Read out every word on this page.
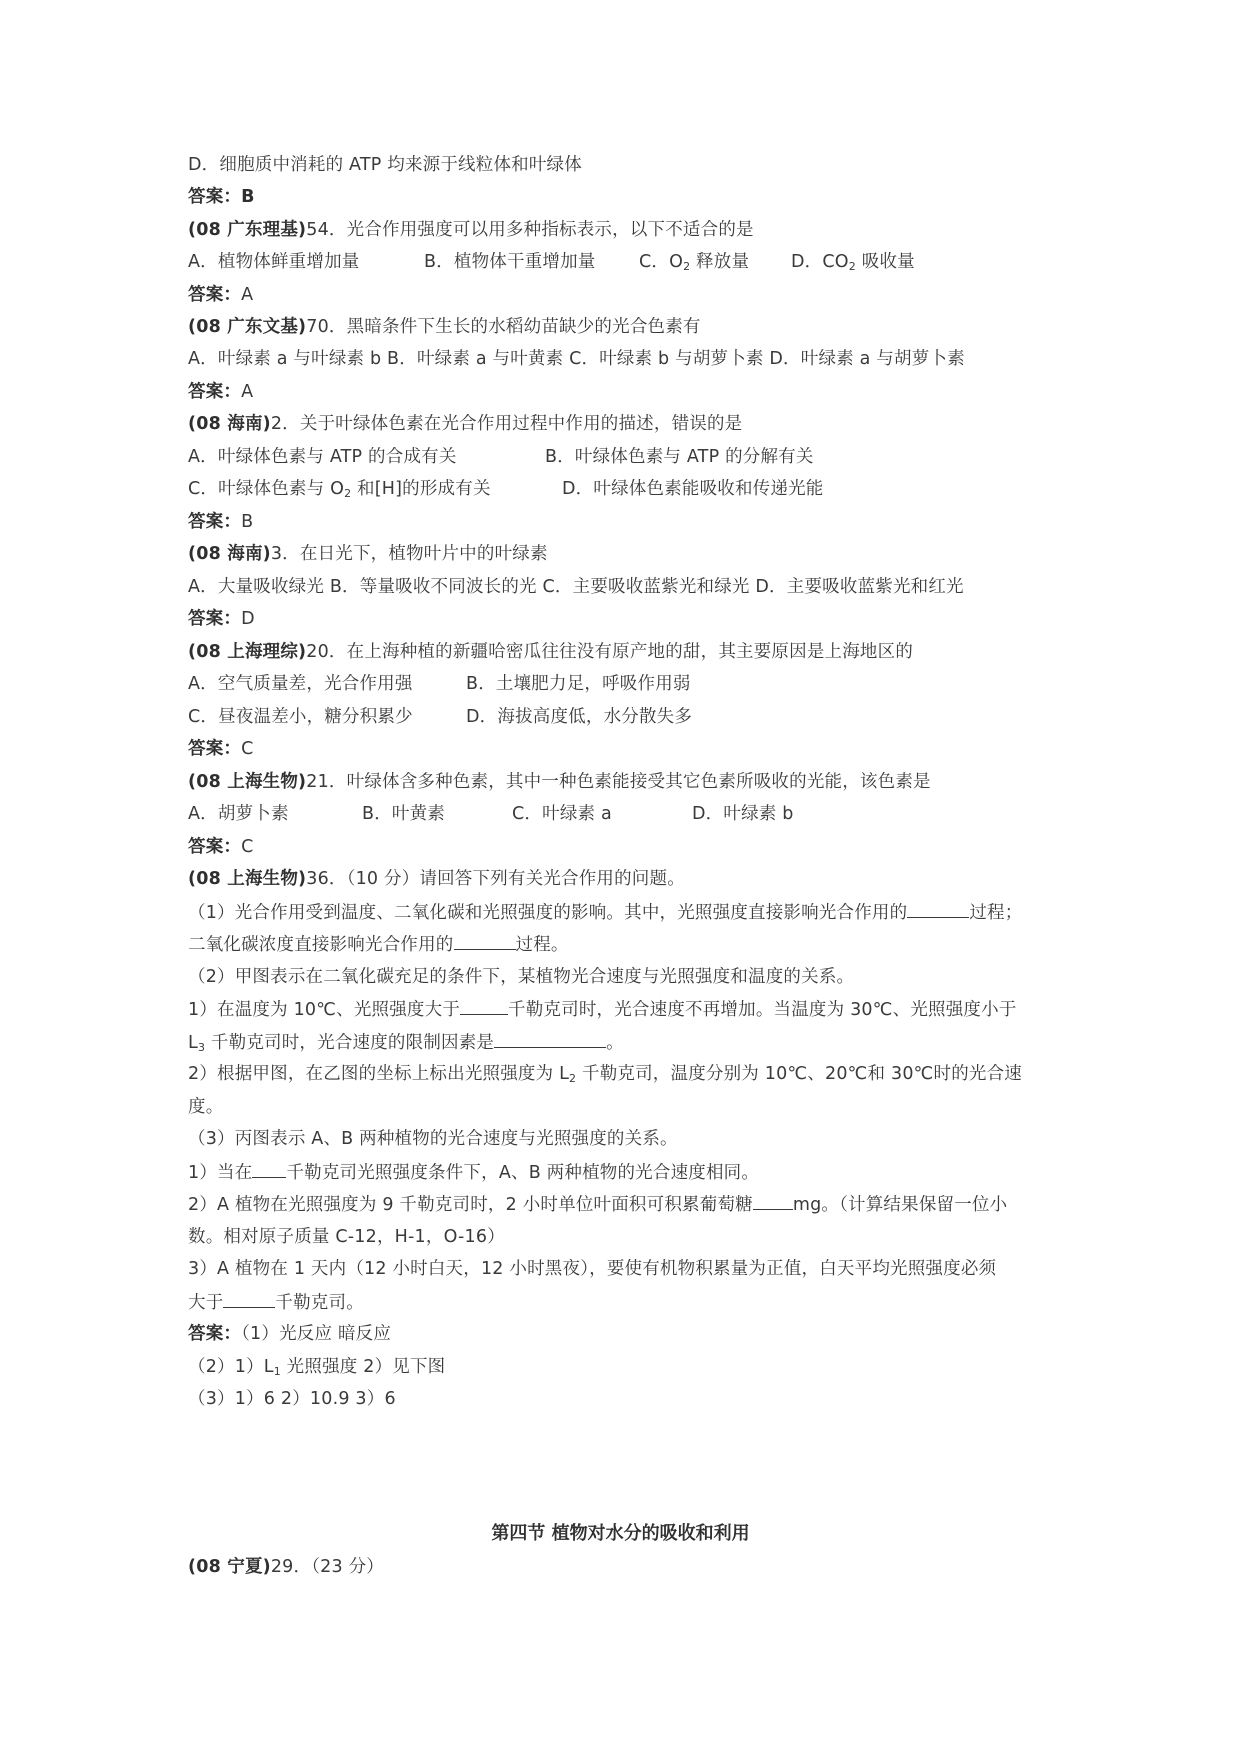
D．细胞质中消耗的 ATP 均来源于线粒体和叶绿体
答案：B
(08 广东理基)54．光合作用强度可以用多种指标表示，以下不适合的是
A．植物体鲜重增加量	B．植物体干重增加量 C．$O_2$ 释放量 D．$CO_2$ 吸收量
答案：A
(08 广东文基)70．黑暗条件下生长的水稻幼苗缺少的光合色素有
A．叶绿素 a 与叶绿素 b B．叶绿素 a 与叶黄素 C．叶绿素 b 与胡萝卜素 D．叶绿素 a 与胡萝卜素
答案：A
(08 海南)2．关于叶绿体色素在光合作用过程中作用的描述，错误的是
A．叶绿体色素与 ATP 的合成有关	B．叶绿体色素与 ATP 的分解有关
C．叶绿体色素与 $O_2$ 和[H]的形成有关	D．叶绿体色素能吸收和传递光能
答案：B
(08 海南)3．在日光下，植物叶片中的叶绿素
A．大量吸收绿光 B．等量吸收不同波长的光 C．主要吸收蓝紫光和绿光 D．主要吸收蓝紫光和红光
答案：D
(08 上海理综)20．在上海种植的新疆哈密瓜往往没有原产地的甜，其主要原因是上海地区的
A．空气质量差，光合作用强	B．土壤肥力足，呼吸作用弱
C．昼夜温差小，糖分积累少	D．海拔高度低，水分散失多
答案：C
(08 上海生物)21．叶绿体含多种色素，其中一种色素能接受其它色素所吸收的光能，该色素是
A．胡萝卜素	B．叶黄素	C．叶绿素 a	D．叶绿素 b
答案：C
(08 上海生物)36．（10 分）请回答下列有关光合作用的问题。
（1）光合作用受到温度、二氧化碳和光照强度的影响。其中，光照强度直接影响光合作用的	过程；
二氧化碳浓度直接影响光合作用的	过程。
（2）甲图表示在二氧化碳充足的条件下，某植物光合速度与光照强度和温度的关系。
1）在温度为 10℃、光照强度大于	千勒克司时，光合速度不再增加。当温度为 30℃、光照强度小于
$L_3$ 千勒克司时，光合速度的限制因素是	。
2）根据甲图，在乙图的坐标上标出光照强度为 $L_2$ 千勒克司，温度分别为 10℃、20℃和 30℃时的光合速
度。
（3）丙图表示 A、B 两种植物的光合速度与光照强度的关系。
1）当在 千勒克司光照强度条件下，A、B 两种植物的光合速度相同。
2）A 植物在光照强度为 9 千勒克司时，2 小时单位叶面积可积累葡萄糖 mg。（计算结果保留一位小
数。相对原子质量 C-12，H-1，O-16）
3）A 植物在 1 天内（12 小时白天，12 小时黑夜），要使有机物积累量为正值，白天平均光照强度必须
大于	千勒克司。
答案：（1）光反应 暗反应
$(2)1)L_1$ 光照强度 2）见下图
（3）1）6 2）10.9 3）6
第四节 植物对水分的吸收和利用
(08 宁夏)29．（23 分）
